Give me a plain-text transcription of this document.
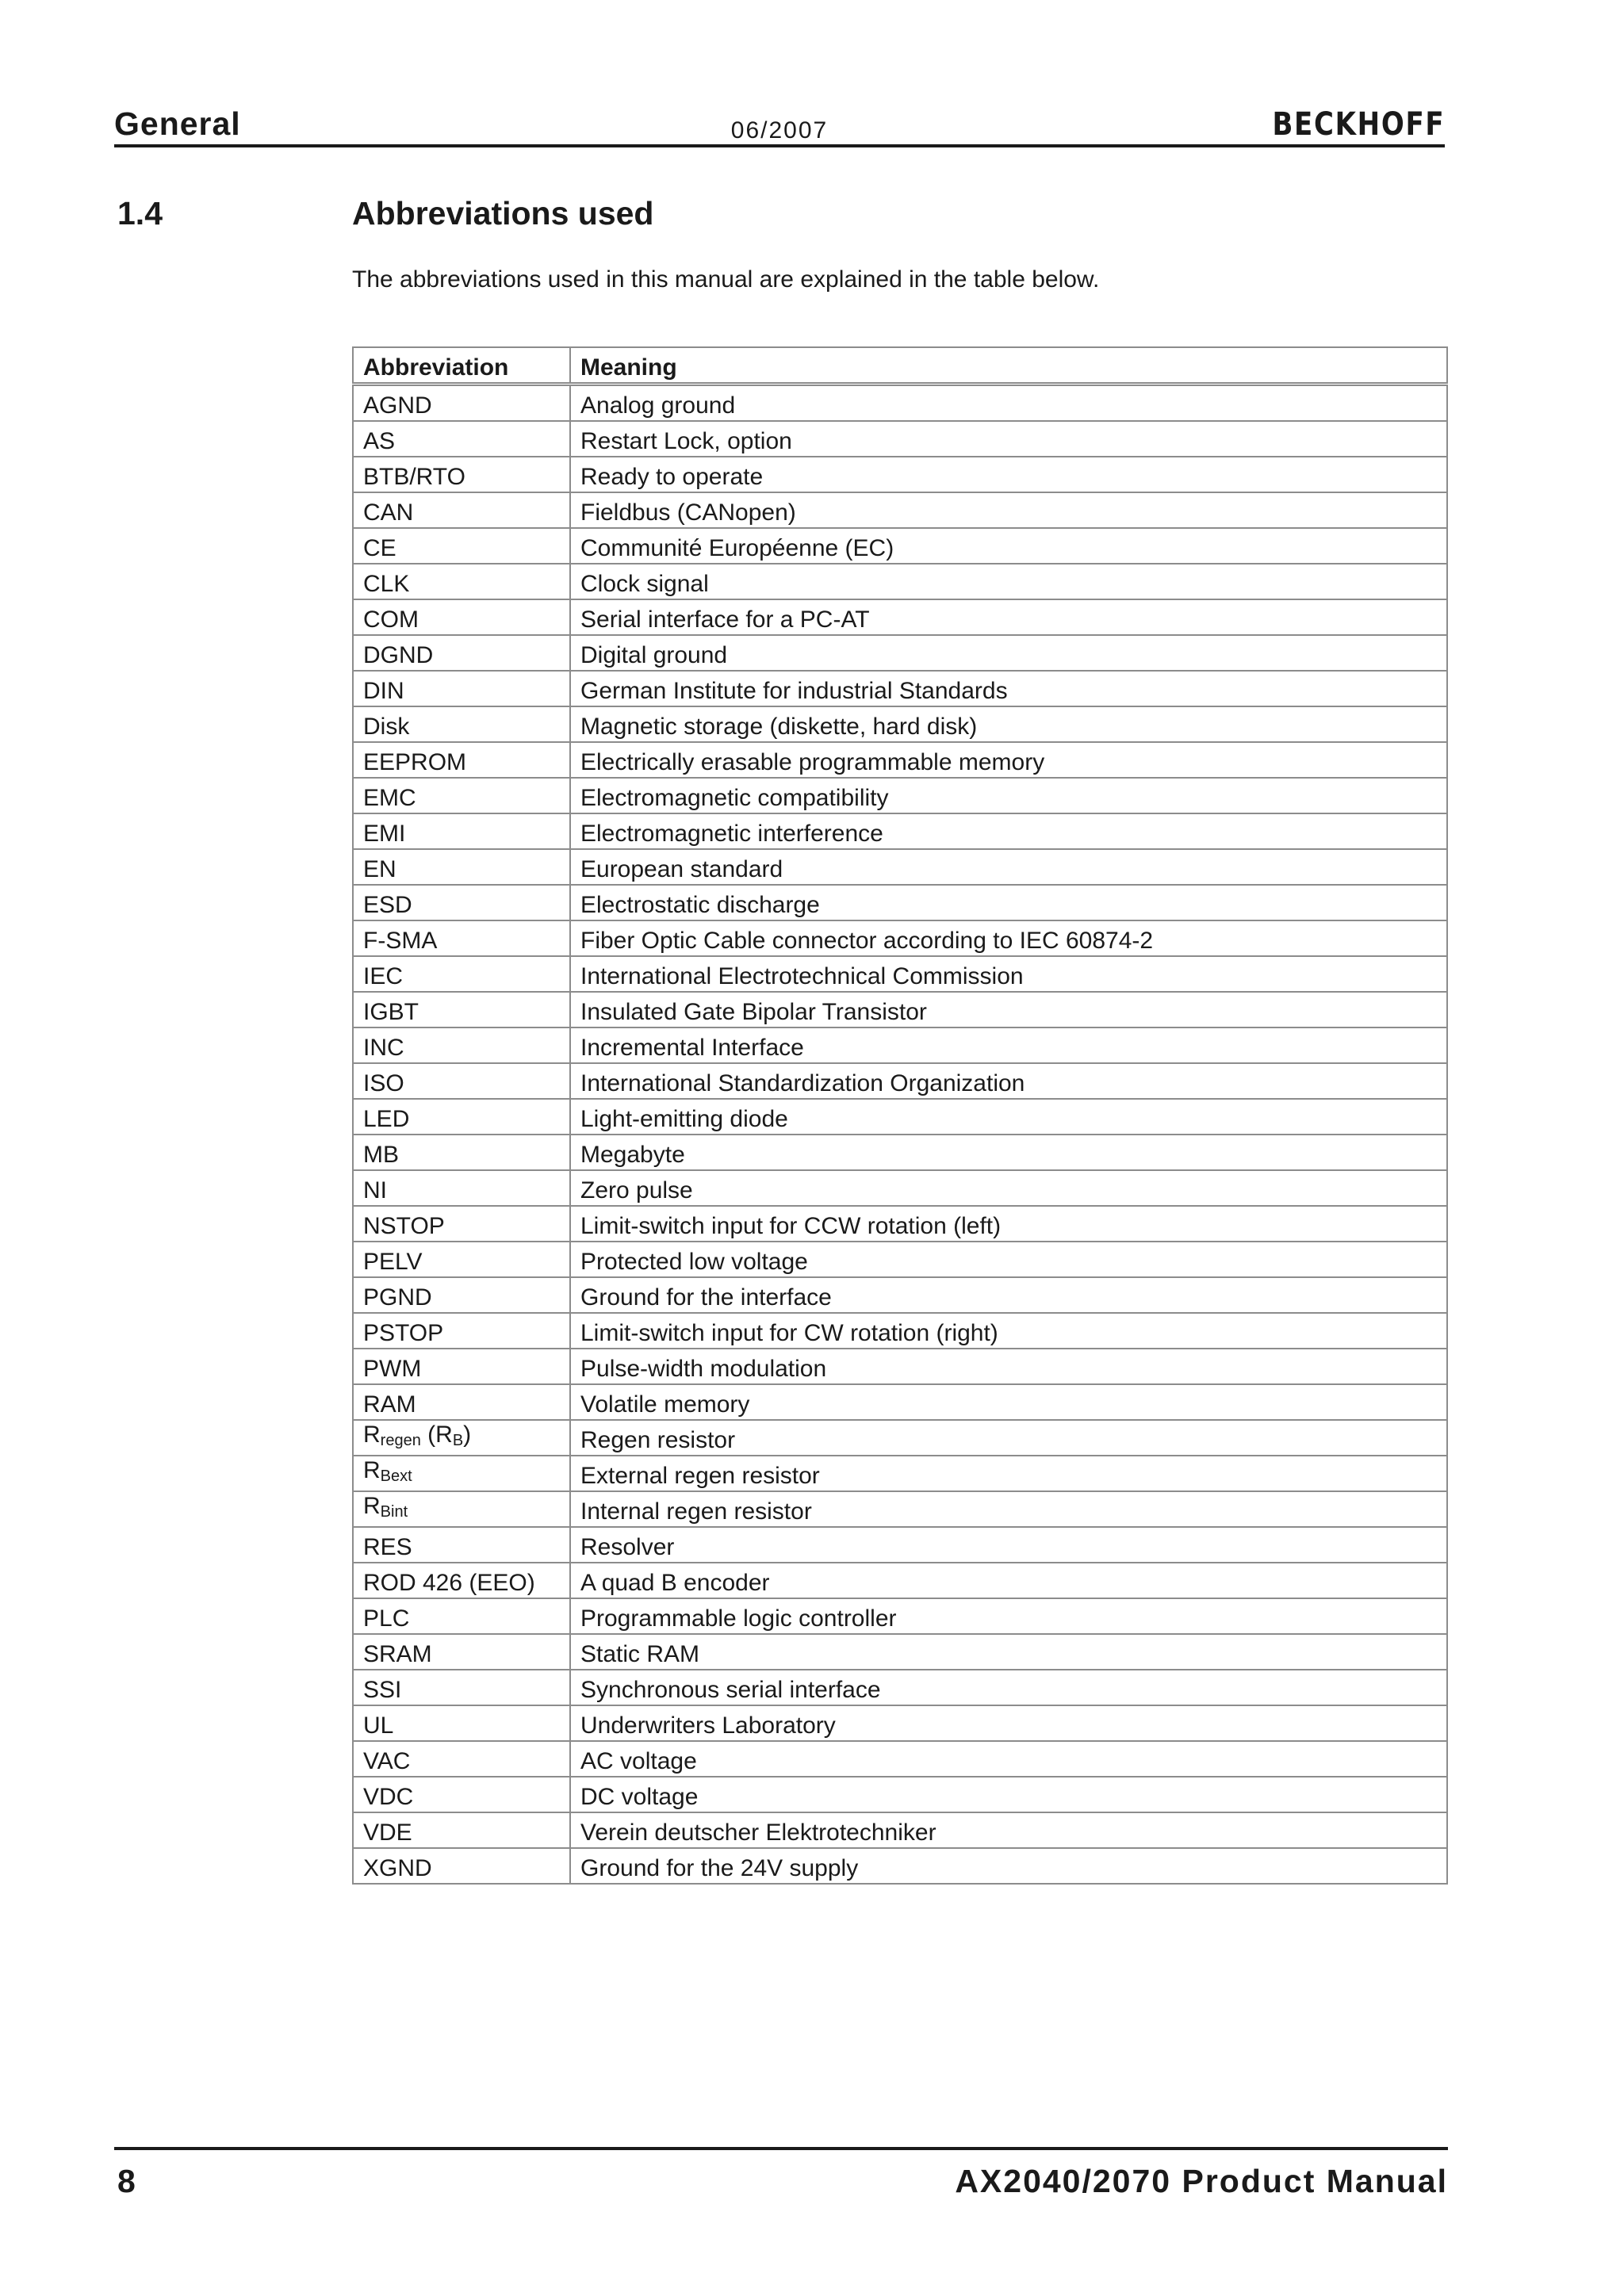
General	06/2007	BECKHOFF
1.4	Abbreviations used
The abbreviations used in this manual are explained in the table below.
Abbreviation	Meaning
AGND	Analog ground
AS	Restart Lock, option
BTB/RTO	Ready to operate
CAN	Fieldbus (CANopen)
CE	Communité Européenne (EC)
CLK	Clock signal
COM	Serial interface for a PC-AT
DGND	Digital ground
DIN	German Institute for industrial Standards
Disk	Magnetic storage (diskette, hard disk)
EEPROM	Electrically erasable programmable memory
EMC	Electromagnetic compatibility
EMI	Electromagnetic interference
EN	European standard
ESD	Electrostatic discharge
F-SMA	Fiber Optic Cable connector according to IEC 60874-2
IEC	International Electrotechnical Commission
IGBT	Insulated Gate Bipolar Transistor
INC	Incremental Interface
ISO	International Standardization Organization
LED	Light-emitting diode
MB	Megabyte
NI	Zero pulse
NSTOP	Limit-switch input for CCW rotation (left)
PELV	Protected low voltage
PGND	Ground for the interface
PSTOP	Limit-switch input for CW rotation (right)
PWM	Pulse-width modulation
RAM	Volatile memory
$R_{regen}$ $(R_B)$	Regen resistor
$R_{Bext}$	External regen resistor
$R_{Bint}$	Internal regen resistor
RES	Resolver
ROD 426 (EEO)	A quad B encoder
PLC	Programmable logic controller
SRAM	Static RAM
SSI	Synchronous serial interface
UL	Underwriters Laboratory
VAC	AC voltage
VDC	DC voltage
VDE	Verein deutscher Elektrotechniker
XGND	Ground for the 24V supply
8	AX2040/2070 Product Manual
